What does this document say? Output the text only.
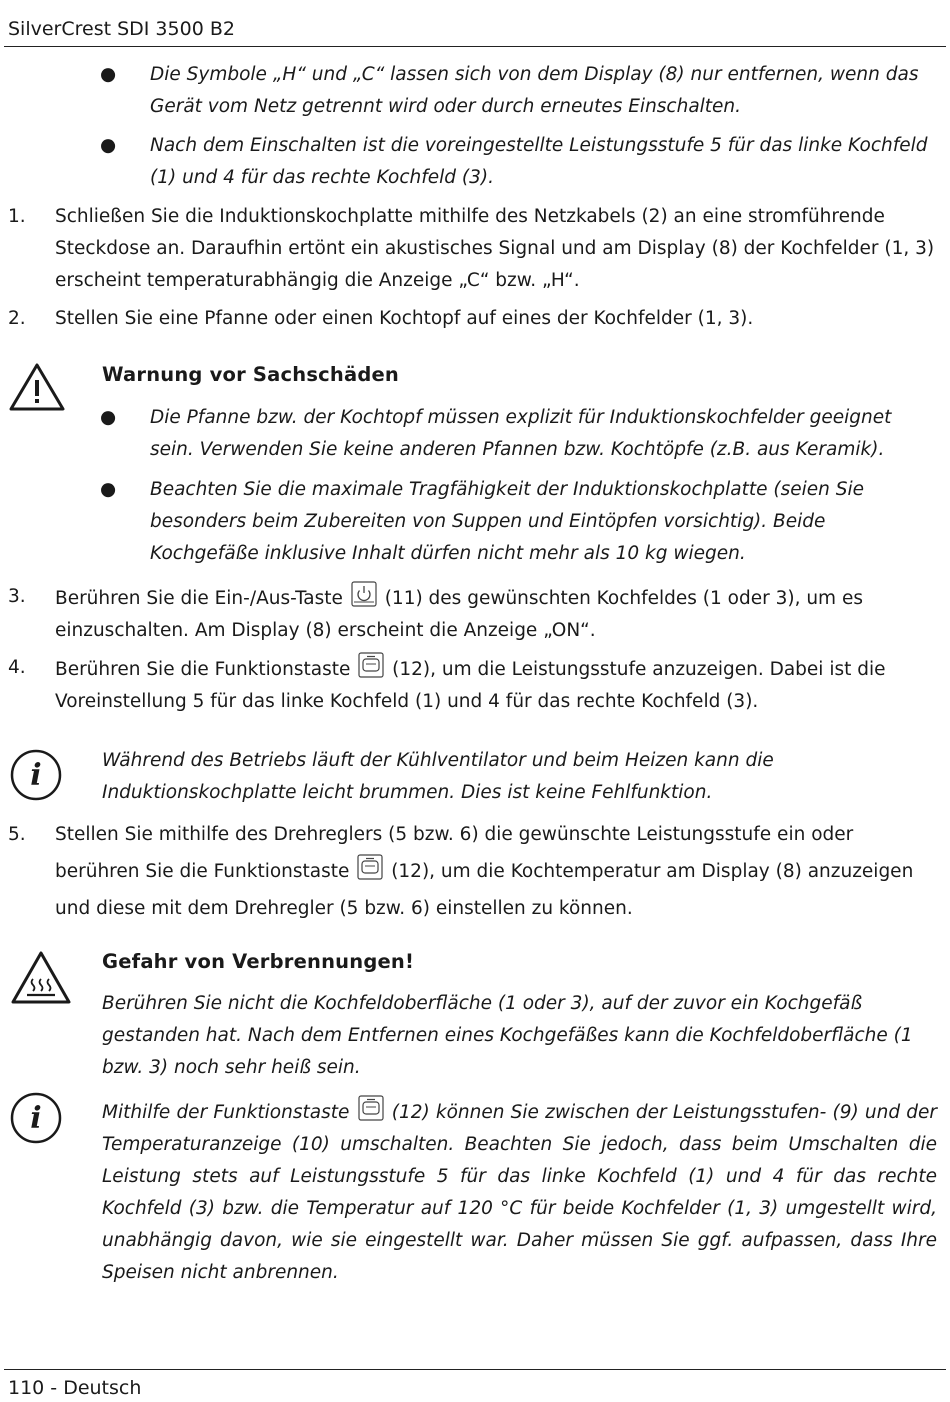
SilverCrest SDI 3500 B2
● Die Symbole „H“ und „C“ lassen sich von dem Display (8) nur entfernen, wenn das Gerät vom Netz getrennt wird oder durch erneutes Einschalten.
● Nach dem Einschalten ist die voreingestellte Leistungsstufe 5 für das linke Kochfeld (1) und 4 für das rechte Kochfeld (3).
1. Schließen Sie die Induktionskochplatte mithilfe des Netzkabels (2) an eine stromführende Steckdose an. Daraufhin ertönt ein akustisches Signal und am Display (8) der Kochfelder (1, 3) erscheint temperaturabhängig die Anzeige „C“ bzw. „H“.
2. Stellen Sie eine Pfanne oder einen Kochtopf auf eines der Kochfelder (1, 3).
Warnung vor Sachschäden
● Die Pfanne bzw. der Kochtopf müssen explizit für Induktionskochfelder geeignet sein. Verwenden Sie keine anderen Pfannen bzw. Kochtöpfe (z.B. aus Keramik).
● Beachten Sie die maximale Tragfähigkeit der Induktionskochplatte (seien Sie besonders beim Zubereiten von Suppen und Eintöpfen vorsichtig). Beide Kochgefäße inklusive Inhalt dürfen nicht mehr als 10 kg wiegen.
3. Berühren Sie die Ein-/Aus-Taste (11) des gewünschten Kochfeldes (1 oder 3), um es einzuschalten. Am Display (8) erscheint die Anzeige „ON“.
4. Berühren Sie die Funktionstaste (12), um die Leistungsstufe anzuzeigen. Dabei ist die Voreinstellung 5 für das linke Kochfeld (1) und 4 für das rechte Kochfeld (3).
i	Während des Betriebs läuft der Kühlventilator und beim Heizen kann die Induktionskochplatte leicht brummen. Dies ist keine Fehlfunktion.
5. Stellen Sie mithilfe des Drehreglers (5 bzw. 6) die gewünschte Leistungsstufe ein oder berühren Sie die Funktionstaste (12), um die Kochtemperatur am Display (8) anzuzeigen und diese mit dem Drehregler (5 bzw. 6) einstellen zu können.
Gefahr von Verbrennungen!
Berühren Sie nicht die Kochfeldoberfläche (1 oder 3), auf der zuvor ein Kochgefäß gestanden hat. Nach dem Entfernen eines Kochgefäßes kann die Kochfeldoberfläche (1 bzw. 3) noch sehr heiß sein.
i	Mithilfe der Funktionstaste (12) können Sie zwischen der Leistungsstufen- (9) und der Temperaturanzeige (10) umschalten. Beachten Sie jedoch, dass beim Umschalten die Leistung stets auf Leistungsstufe 5 für das linke Kochfeld (1) und 4 für das rechte Kochfeld (3) bzw. die Temperatur auf 120 °C für beide Kochfelder (1, 3) umgestellt wird, unabhängig davon, wie sie eingestellt war. Daher müssen Sie ggf. aufpassen, dass Ihre Speisen nicht anbrennen.
110 - Deutsch
